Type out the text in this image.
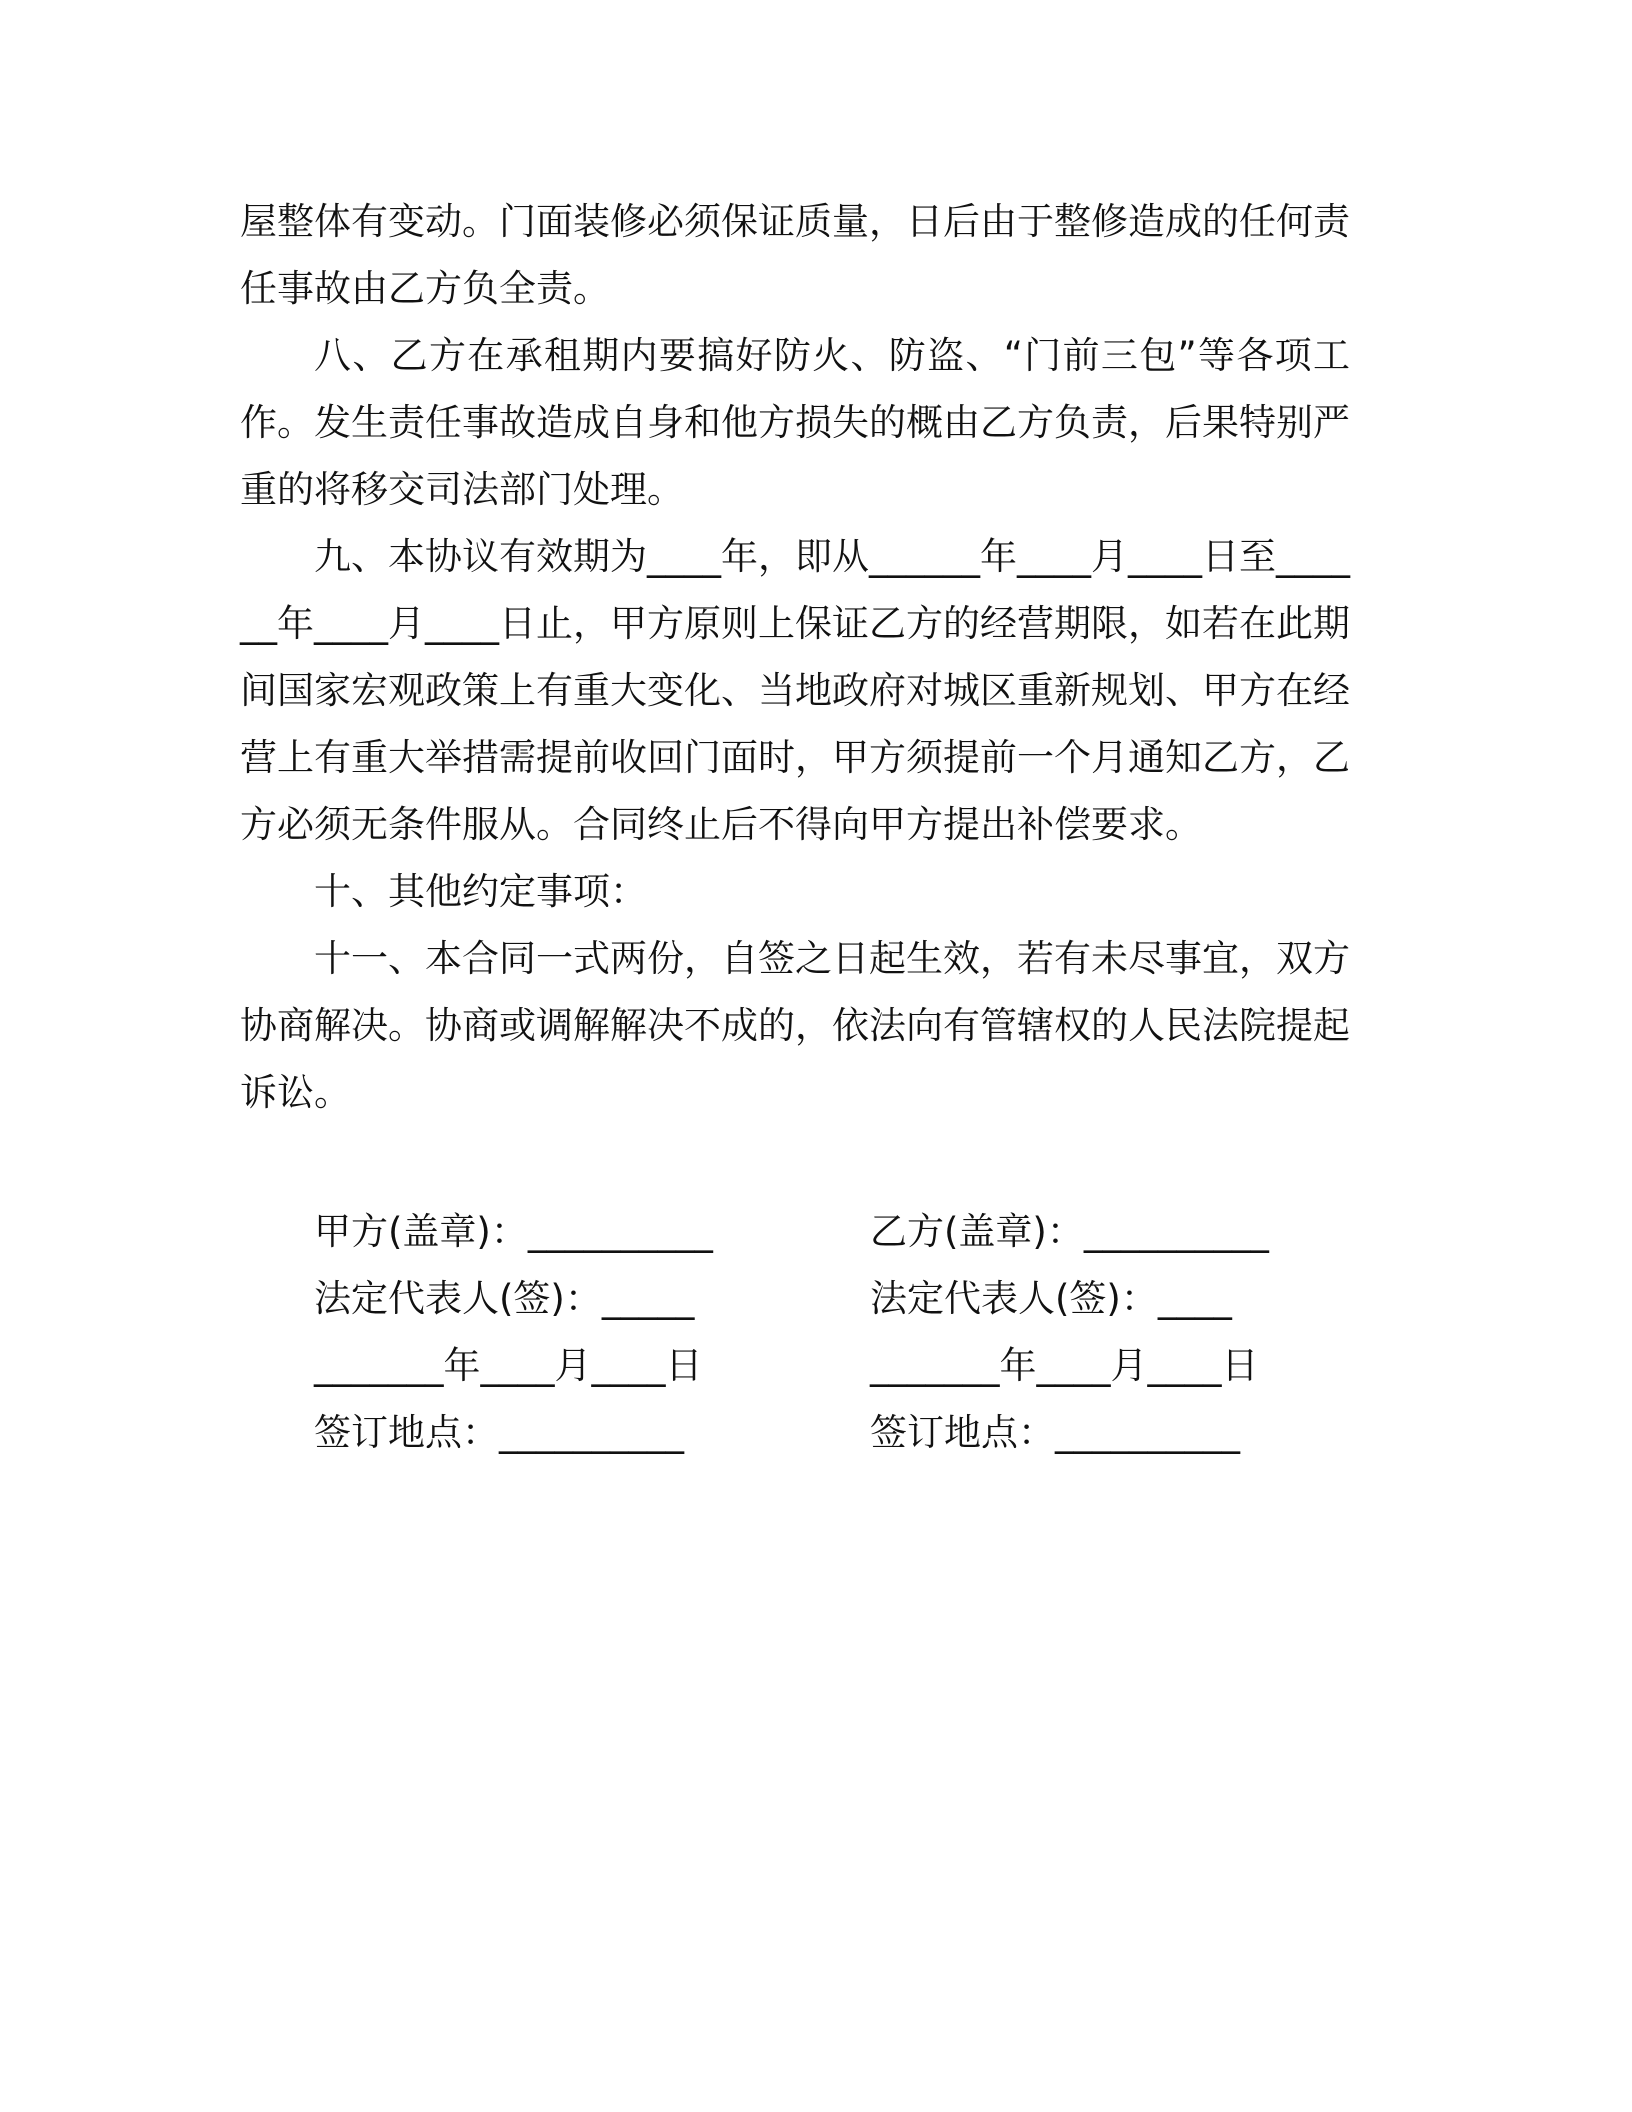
屋整体有变动。门面装修必须保证质量，日后由于整修造成的任何责任事故由乙方负全责。

八、乙方在承租期内要搞好防火、防盗、“门前三包”等各项工作。发生责任事故造成自身和他方损失的概由乙方负责，后果特别严重的将移交司法部门处理。

九、本协议有效期为____年，即从______年____月____日至______年____月____日止，甲方原则上保证乙方的经营期限，如若在此期间国家宏观政策上有重大变化、当地政府对城区重新规划、甲方在经营上有重大举措需提前收回门面时，甲方须提前一个月通知乙方，乙方必须无条件服从。合同终止后不得向甲方提出补偿要求。

十、其他约定事项：

十一、本合同一式两份，自签之日起生效，若有未尽事宜，双方协商解决。协商或调解解决不成的，依法向有管辖权的人民法院提起诉讼。

甲方(盖章)：__________
法定代表人(签)：_____
_______年____月____日
签订地点：__________
乙方(盖章)：__________
法定代表人(签)：____
_______年____月____日
签订地点：__________
